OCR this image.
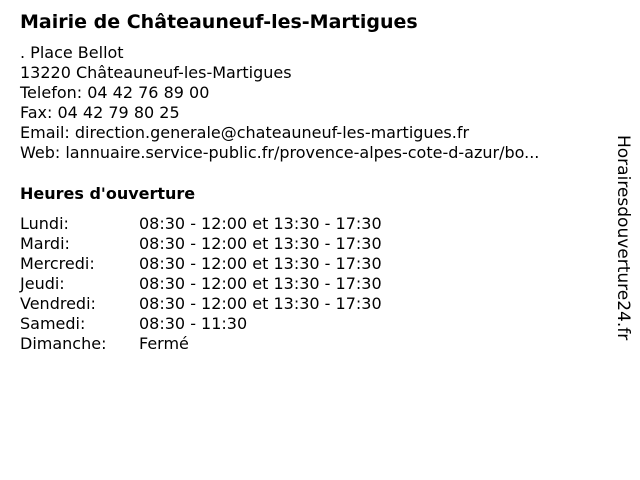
Mairie de Châteauneuf-les-Martigues
. Place Bellot
13220 Châteauneuf-les-Martigues
Telefon: 04 42 76 89 00
Fax: 04 42 79 80 25
Email: direction.generale@chateauneuf-les-martigues.fr
Web: lannuaire.service-public.fr/provence-alpes-cote-d-azur/bo...
Heures d'ouverture
Lundi:	08:30 - 12:00 et 13:30 - 17:30
Mardi:	08:30 - 12:00 et 13:30 - 17:30
Mercredi:	08:30 - 12:00 et 13:30 - 17:30
Jeudi:	08:30 - 12:00 et 13:30 - 17:30
Vendredi:	08:30 - 12:00 et 13:30 - 17:30
Samedi:	08:30 - 11:30
Dimanche: Fermé
Horairesdouverture24.fr
